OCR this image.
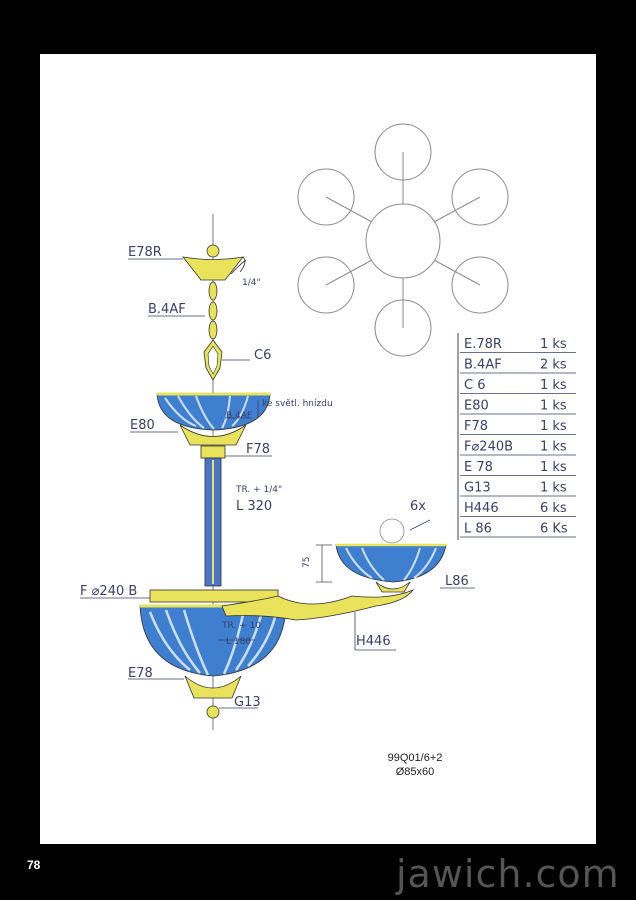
E78R
1/4"
B.4AF
C6
ke světl. hnízdu
B.4AF
E80
F78
TR. + 1/4"
L 320	6x
75
L86
F ⌀240 B
TR. + 10
L 180	H446
E78
G13
E.78R	1 ks
B.4AF	2 ks
C 6	1 ks
E80	1 ks
F78	1 ks
F⌀240B 1 ks
E 78	1 ks
G13	1 ks
H446	6 ks
L 86	6 Ks
99Q01/6+2
Ø85x60
78	jawich.com
